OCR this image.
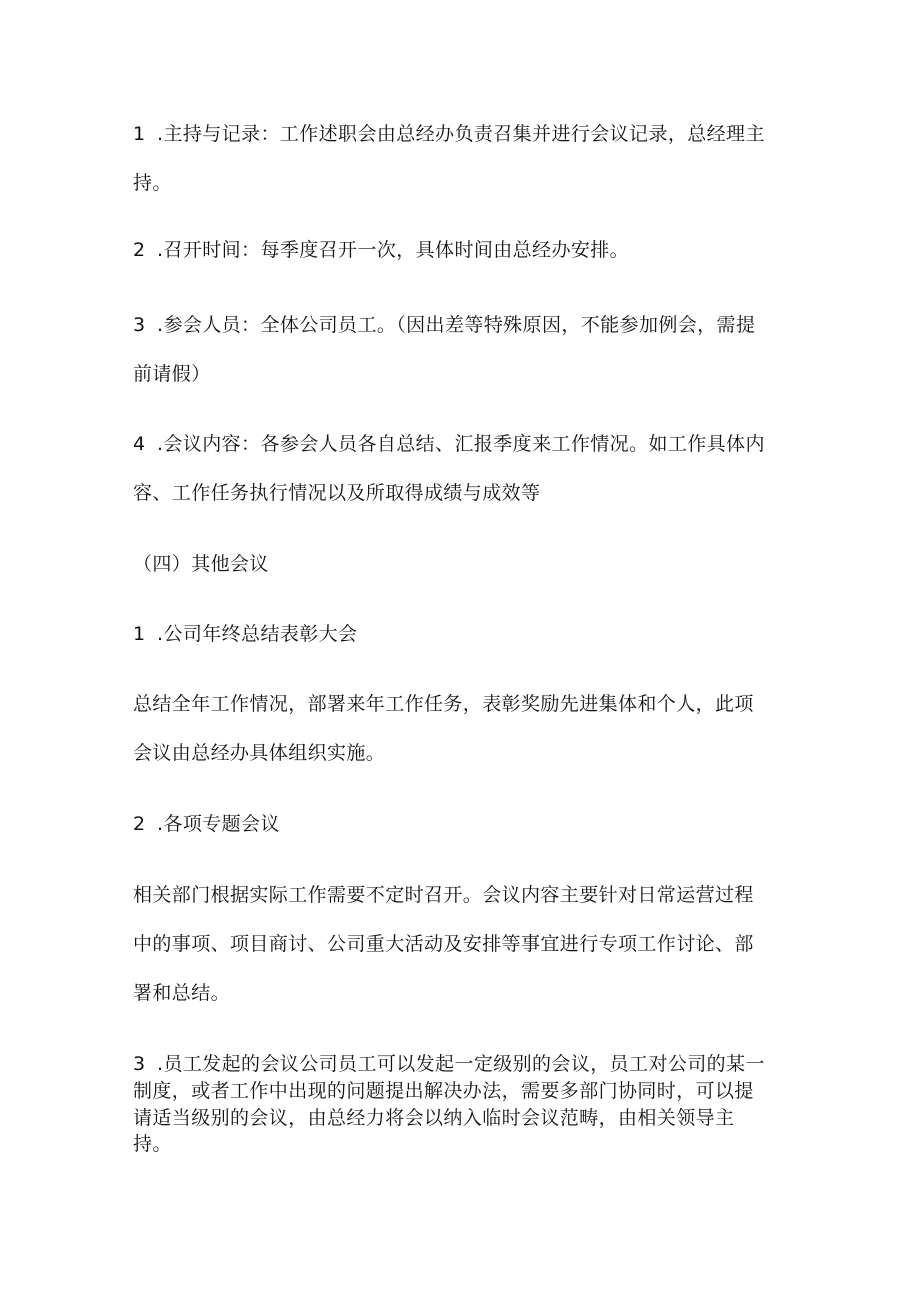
1 .主持与记录：工作述职会由总经办负责召集并进行会议记录，总经理主
持。
2 .召开时间：每季度召开一次，具体时间由总经办安排。
3 .参会人员：全体公司员工。（因出差等特殊原因，不能参加例会，需提
前请假）
4 .会议内容：各参会人员各自总结、汇报季度来工作情况。如工作具体内
容、工作任务执行情况以及所取得成绩与成效等
（四）其他会议
1 .公司年终总结表彰大会
总结全年工作情况，部署来年工作任务，表彰奖励先进集体和个人，此项
会议由总经办具体组织实施。
2 .各项专题会议
相关部门根据实际工作需要不定时召开。会议内容主要针对日常运营过程
中的事项、项目商讨、公司重大活动及安排等事宜进行专项工作讨论、部
署和总结。
3 .员工发起的会议公司员工可以发起一定级别的会议，员工对公司的某一
制度，或者工作中出现的问题提出解决办法，需要多部门协同时，可以提
请适当级别的会议，由总经力将会以纳入临时会议范畴，由相关领导主
持。
